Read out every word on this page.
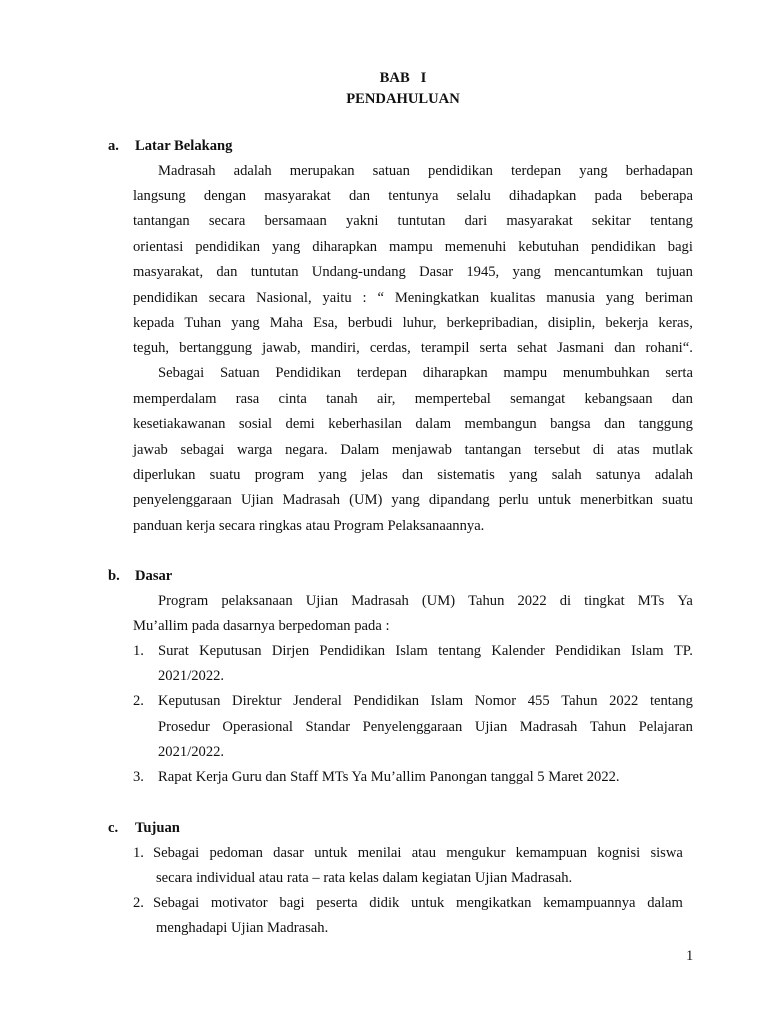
BAB   I
PENDAHULUAN
a. Latar Belakang
Madrasah adalah merupakan satuan pendidikan terdepan yang berhadapan
langsung dengan masyarakat dan tentunya selalu dihadapkan pada beberapa
tantangan secara bersamaan yakni tuntutan dari masyarakat sekitar tentang
orientasi pendidikan yang diharapkan mampu memenuhi kebutuhan pendidikan bagi
masyarakat, dan tuntutan Undang-undang Dasar 1945, yang mencantumkan tujuan
pendidikan secara Nasional, yaitu : “ Meningkatkan kualitas manusia yang beriman
kepada Tuhan yang Maha Esa, berbudi luhur, berkepribadian, disiplin, bekerja keras,
teguh, bertanggung jawab, mandiri, cerdas, terampil serta sehat Jasmani dan rohani“.
Sebagai Satuan Pendidikan terdepan diharapkan mampu menumbuhkan serta
memperdalam rasa cinta tanah air, mempertebal semangat kebangsaan dan
kesetiakawanan sosial demi keberhasilan dalam membangun bangsa dan tanggung
jawab sebagai warga negara. Dalam menjawab tantangan tersebut di atas mutlak
diperlukan suatu program yang jelas dan sistematis yang salah satunya adalah
penyelenggaraan Ujian Madrasah (UM) yang dipandang perlu untuk menerbitkan suatu
panduan kerja secara ringkas atau Program Pelaksanaannya.
b. Dasar
Program pelaksanaan Ujian Madrasah (UM) Tahun 2022 di tingkat MTs Ya
Mu’allim pada dasarnya berpedoman pada :
1. Surat Keputusan Dirjen Pendidikan Islam tentang Kalender Pendidikan Islam TP.
2021/2022.
2. Keputusan Direktur Jenderal Pendidikan Islam Nomor 455 Tahun 2022 tentang
Prosedur Operasional Standar Penyelenggaraan Ujian Madrasah Tahun Pelajaran
2021/2022.
3. Rapat Kerja Guru dan Staff MTs Ya Mu’allim Panongan tanggal 5 Maret 2022.
c. Tujuan
1. Sebagai pedoman dasar untuk menilai atau mengukur kemampuan kognisi siswa
secara individual atau rata – rata kelas dalam kegiatan Ujian Madrasah.
2. Sebagai motivator bagi peserta didik untuk mengikatkan kemampuannya dalam
menghadapi Ujian Madrasah.
1
